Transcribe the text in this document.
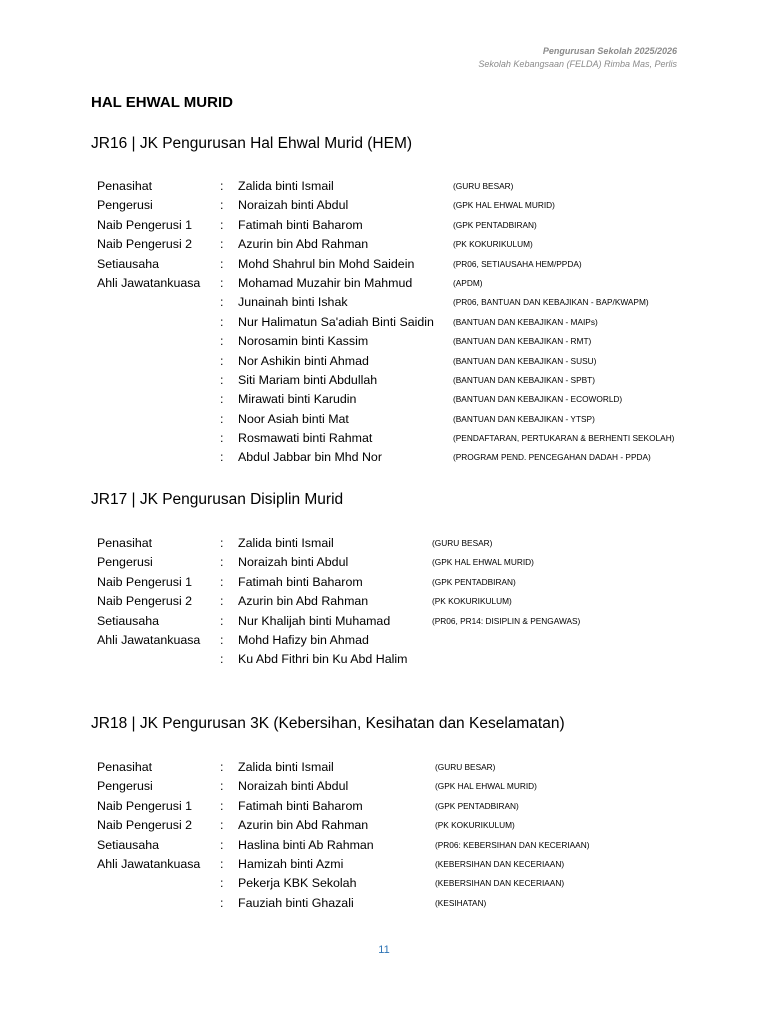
Pengurusan Sekolah 2025/2026
Sekolah Kebangsaan (FELDA) Rimba Mas, Perlis
HAL EHWAL MURID
JR16 | JK Pengurusan Hal Ehwal Murid (HEM)
Penasihat	: Zalida binti Ismail	(GURU BESAR)
Pengerusi	: Noraizah binti Abdul	(GPK HAL EHWAL MURID)
Naib Pengerusi 1 : Fatimah binti Baharom	(GPK PENTADBIRAN)
Naib Pengerusi 2 : Azurin bin Abd Rahman	(PK KOKURIKULUM)
Setiausaha	: Mohd Shahrul bin Mohd Saidein	(PR06, SETIAUSAHA HEM/PPDA)
Ahli Jawatankuasa : Mohamad Muzahir bin Mahmud	(APDM)
: Junainah binti Ishak	(PR06, BANTUAN DAN KEBAJIKAN - BAP/KWAPM)
: Nur Halimatun Sa'adiah Binti Saidin (BANTUAN DAN KEBAJIKAN - MAIPs)
: Norosamin binti Kassim	(BANTUAN DAN KEBAJIKAN - RMT)
: Nor Ashikin binti Ahmad	(BANTUAN DAN KEBAJIKAN - SUSU)
: Siti Mariam binti Abdullah	(BANTUAN DAN KEBAJIKAN - SPBT)
: Mirawati binti Karudin	(BANTUAN DAN KEBAJIKAN - ECOWORLD)
: Noor Asiah binti Mat	(BANTUAN DAN KEBAJIKAN - YTSP)
: Rosmawati binti Rahmat	(PENDAFTARAN, PERTUKARAN & BERHENTI SEKOLAH)
: Abdul Jabbar bin Mhd Nor	(PROGRAM PEND. PENCEGAHAN DADAH - PPDA)
JR17 | JK Pengurusan Disiplin Murid
Penasihat	: Zalida binti Ismail	(GURU BESAR)
Pengerusi	: Noraizah binti Abdul	(GPK HAL EHWAL MURID)
Naib Pengerusi 1 : Fatimah binti Baharom	(GPK PENTADBIRAN)
Naib Pengerusi 2 : Azurin bin Abd Rahman	(PK KOKURIKULUM)
Setiausaha	: Nur Khalijah binti Muhamad	(PR06, PR14: DISIPLIN & PENGAWAS)
Ahli Jawatankuasa : Mohd Hafizy bin Ahmad
: Ku Abd Fithri bin Ku Abd Halim
JR18 | JK Pengurusan 3K (Kebersihan, Kesihatan dan Keselamatan)
Penasihat	: Zalida binti Ismail	(GURU BESAR)
Pengerusi	: Noraizah binti Abdul	(GPK HAL EHWAL MURID)
Naib Pengerusi 1 : Fatimah binti Baharom	(GPK PENTADBIRAN)
Naib Pengerusi 2 : Azurin bin Abd Rahman	(PK KOKURIKULUM)
Setiausaha	: Haslina binti Ab Rahman	(PR06: KEBERSIHAN DAN KECERIAAN)
Ahli Jawatankuasa : Hamizah binti Azmi	(KEBERSIHAN DAN KECERIAAN)
: Pekerja KBK Sekolah	(KEBERSIHAN DAN KECERIAAN)
: Fauziah binti Ghazali	(KESIHATAN)
11
